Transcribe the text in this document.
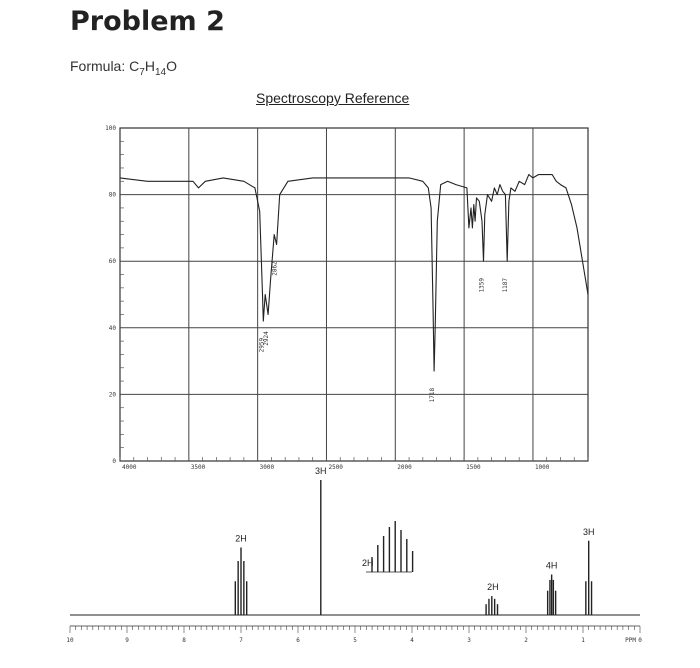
Problem 2
Formula: $C_7H_{14}O$
Spectroscopy Reference
0
20
40
60
80
100
4000	3500	3000	2500	2000	1500	1000
2959
2924
2862
1718
1359	1187
10	9	8	7	6	5	4	3	2	1	0
PPM
2H
3H
2H
4H
3H
2H
